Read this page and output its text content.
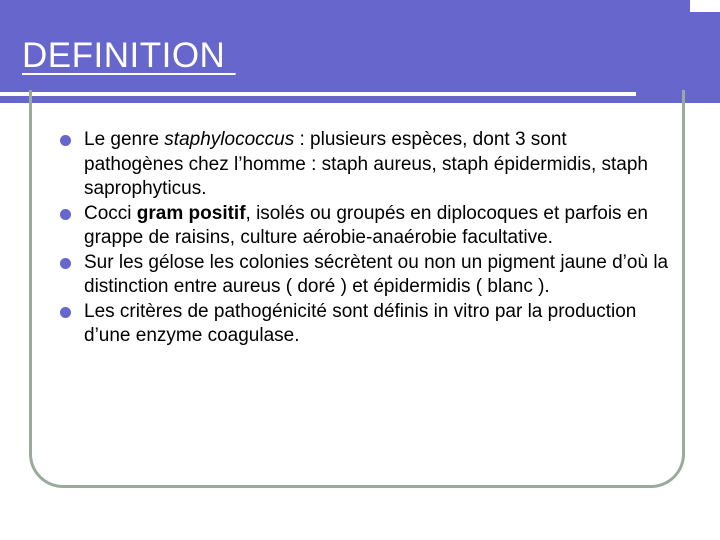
DEFINITION
Le genre staphylococcus : plusieurs espèces, dont 3 sont pathogènes chez l’homme : staph aureus, staph épidermidis, staph saprophyticus.
Cocci gram positif, isolés ou groupés en diplocoques et parfois en grappe de raisins, culture aérobie-anaérobie facultative.
Sur les gélose les colonies sécrètent ou non un pigment jaune d’où la distinction entre aureus ( doré ) et épidermidis ( blanc ).
Les critères de pathogénicité sont définis in vitro par la production d’une enzyme coagulase.
